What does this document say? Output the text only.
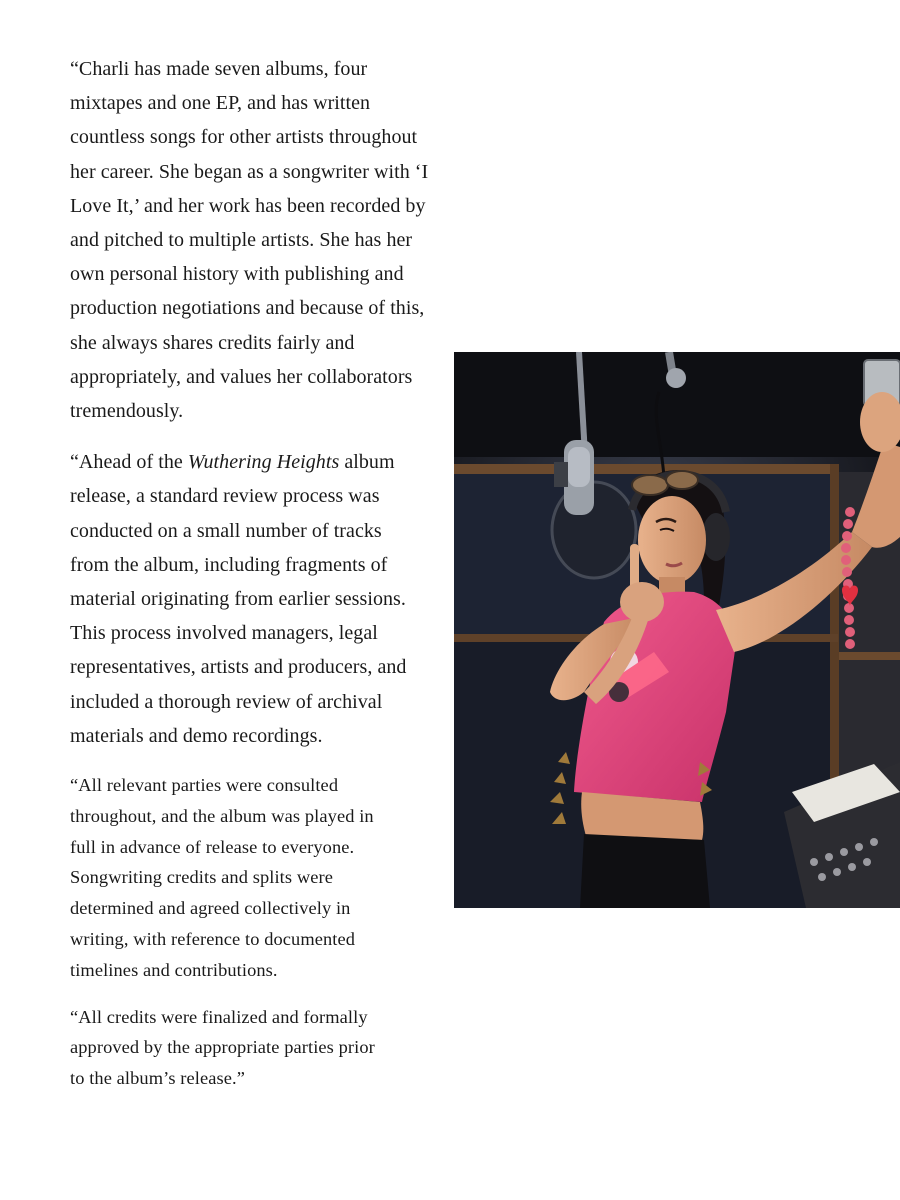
“Charli has made seven albums, four mixtapes and one EP, and has written countless songs for other artists throughout her career. She began as a songwriter with ‘I Love It,’ and her work has been recorded by and pitched to multiple artists. She has her own personal history with publishing and production negotiations and because of this, she always shares credits fairly and appropriately, and values her collaborators tremendously.

“Ahead of the Wuthering Heights album release, a standard review process was conducted on a small number of tracks from the album, including fragments of material originating from earlier sessions. This process involved managers, legal representatives, artists and producers, and included a thorough review of archival materials and demo recordings.

“All relevant parties were consulted throughout, and the album was played in full in advance of release to everyone. Songwriting credits and splits were determined and agreed collectively in writing, with reference to documented timelines and contributions.

“All credits were finalized and formally approved by the appropriate parties prior to the album’s release.”
